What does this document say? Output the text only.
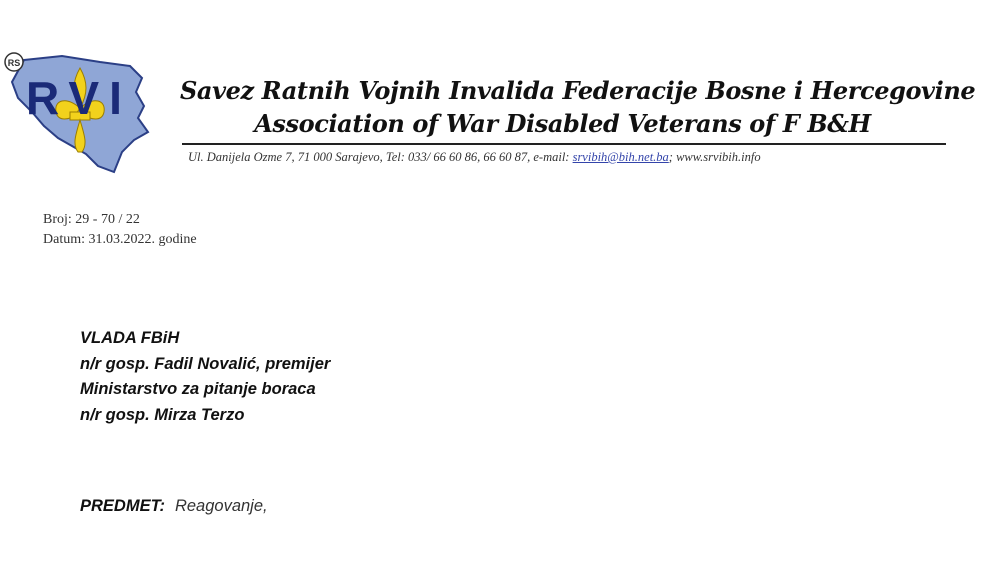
RVI
RS
Savez Ratnih Vojnih Invalida Federacije Bosne i Hercegovine
Association of War Disabled Veterans of F B&H
Ul. Danijela Ozme 7, 71 000 Sarajevo, Tel: 033/ 66 60 86, 66 60 87, e-mail: srvibih@bih.net.ba; www.srvibih.info
Broj: 29 - 70 / 22
Datum: 31.03.2022. godine
VLADA FBiH
n/r gosp. Fadil Novalić, premijer
Ministarstvo za pitanje boraca
n/r gosp. Mirza Terzo
PREDMET: Reagovanje,
